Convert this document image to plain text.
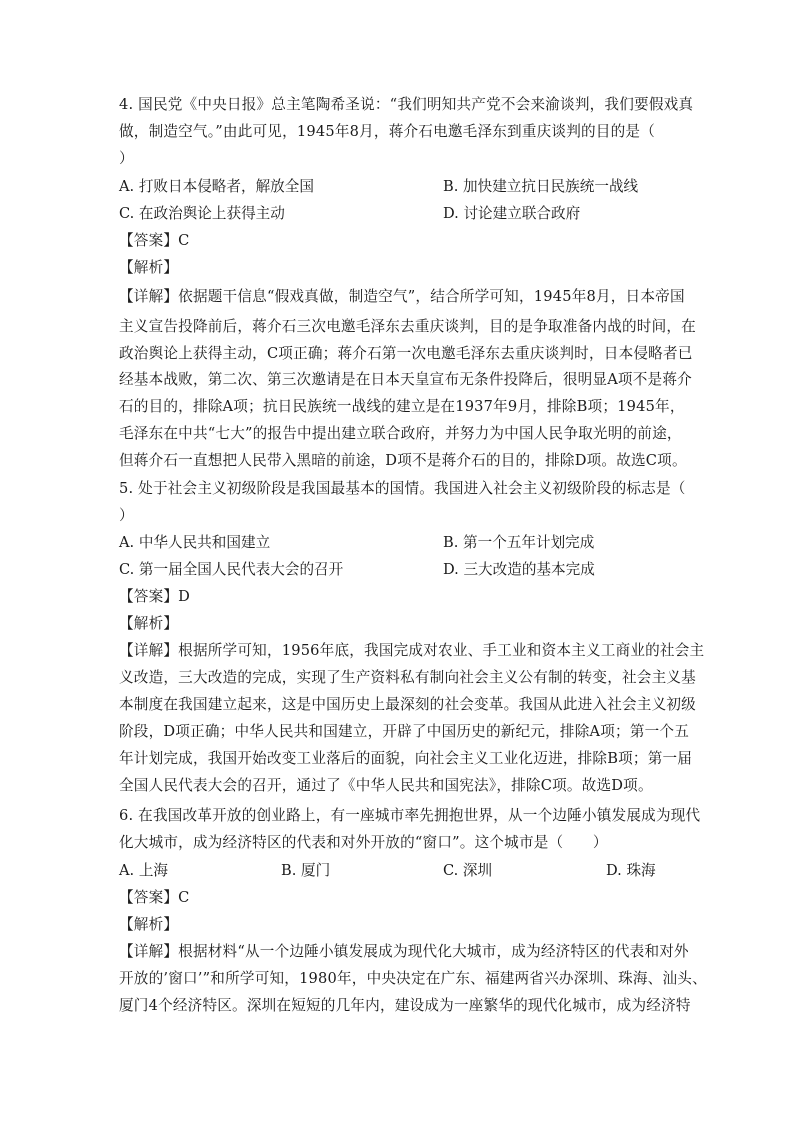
4. 国民党《中央日报》总主笔陶希圣说：“我们明知共产党不会来渝谈判，我们要假戏真
做，制造空气。”由此可见，1945年8月，蒋介石电邀毛泽东到重庆谈判的目的是（
）
A. 打败日本侵略者，解放全国	B. 加快建立抗日民族统一战线
C. 在政治舆论上获得主动	D. 讨论建立联合政府
【答案】C
【解析】
【详解】依据题干信息“假戏真做，制造空气”，结合所学可知，1945年8月，日本帝国
主义宣告投降前后，蒋介石三次电邀毛泽东去重庆谈判，目的是争取准备内战的时间，在
政治舆论上获得主动，C项正确；蒋介石第一次电邀毛泽东去重庆谈判时，日本侵略者已
经基本战败，第二次、第三次邀请是在日本天皇宣布无条件投降后，很明显A项不是蒋介
石的目的，排除A项；抗日民族统一战线的建立是在1937年9月，排除B项；1945年，
毛泽东在中共“七大”的报告中提出建立联合政府，并努力为中国人民争取光明的前途，
但蒋介石一直想把人民带入黑暗的前途，D项不是蒋介石的目的，排除D项。故选C项。
5. 处于社会主义初级阶段是我国最基本的国情。我国进入社会主义初级阶段的标志是（
）
A. 中华人民共和国建立	B. 第一个五年计划完成
C. 第一届全国人民代表大会的召开	D. 三大改造的基本完成
【答案】D
【解析】
【详解】根据所学可知，1956年底，我国完成对农业、手工业和资本主义工商业的社会主
义改造，三大改造的完成，实现了生产资料私有制向社会主义公有制的转变，社会主义基
本制度在我国建立起来，这是中国历史上最深刻的社会变革。我国从此进入社会主义初级
阶段，D项正确；中华人民共和国建立，开辟了中国历史的新纪元，排除A项；第一个五
年计划完成，我国开始改变工业落后的面貌，向社会主义工业化迈进，排除B项；第一届
全国人民代表大会的召开，通过了《中华人民共和国宪法》，排除C项。故选D项。
6. 在我国改革开放的创业路上，有一座城市率先拥抱世界，从一个边陲小镇发展成为现代
化大城市，成为经济特区的代表和对外开放的“窗口”。这个城市是（　　）
A. 上海	B. 厦门	C. 深圳	D. 珠海
【答案】C
【解析】
【详解】根据材料“从一个边陲小镇发展成为现代化大城市，成为经济特区的代表和对外
开放的’窗口’”和所学可知，1980年，中央决定在广东、福建两省兴办深圳、珠海、汕头、
厦门4个经济特区。深圳在短短的几年内，建设成为一座繁华的现代化城市，成为经济特
